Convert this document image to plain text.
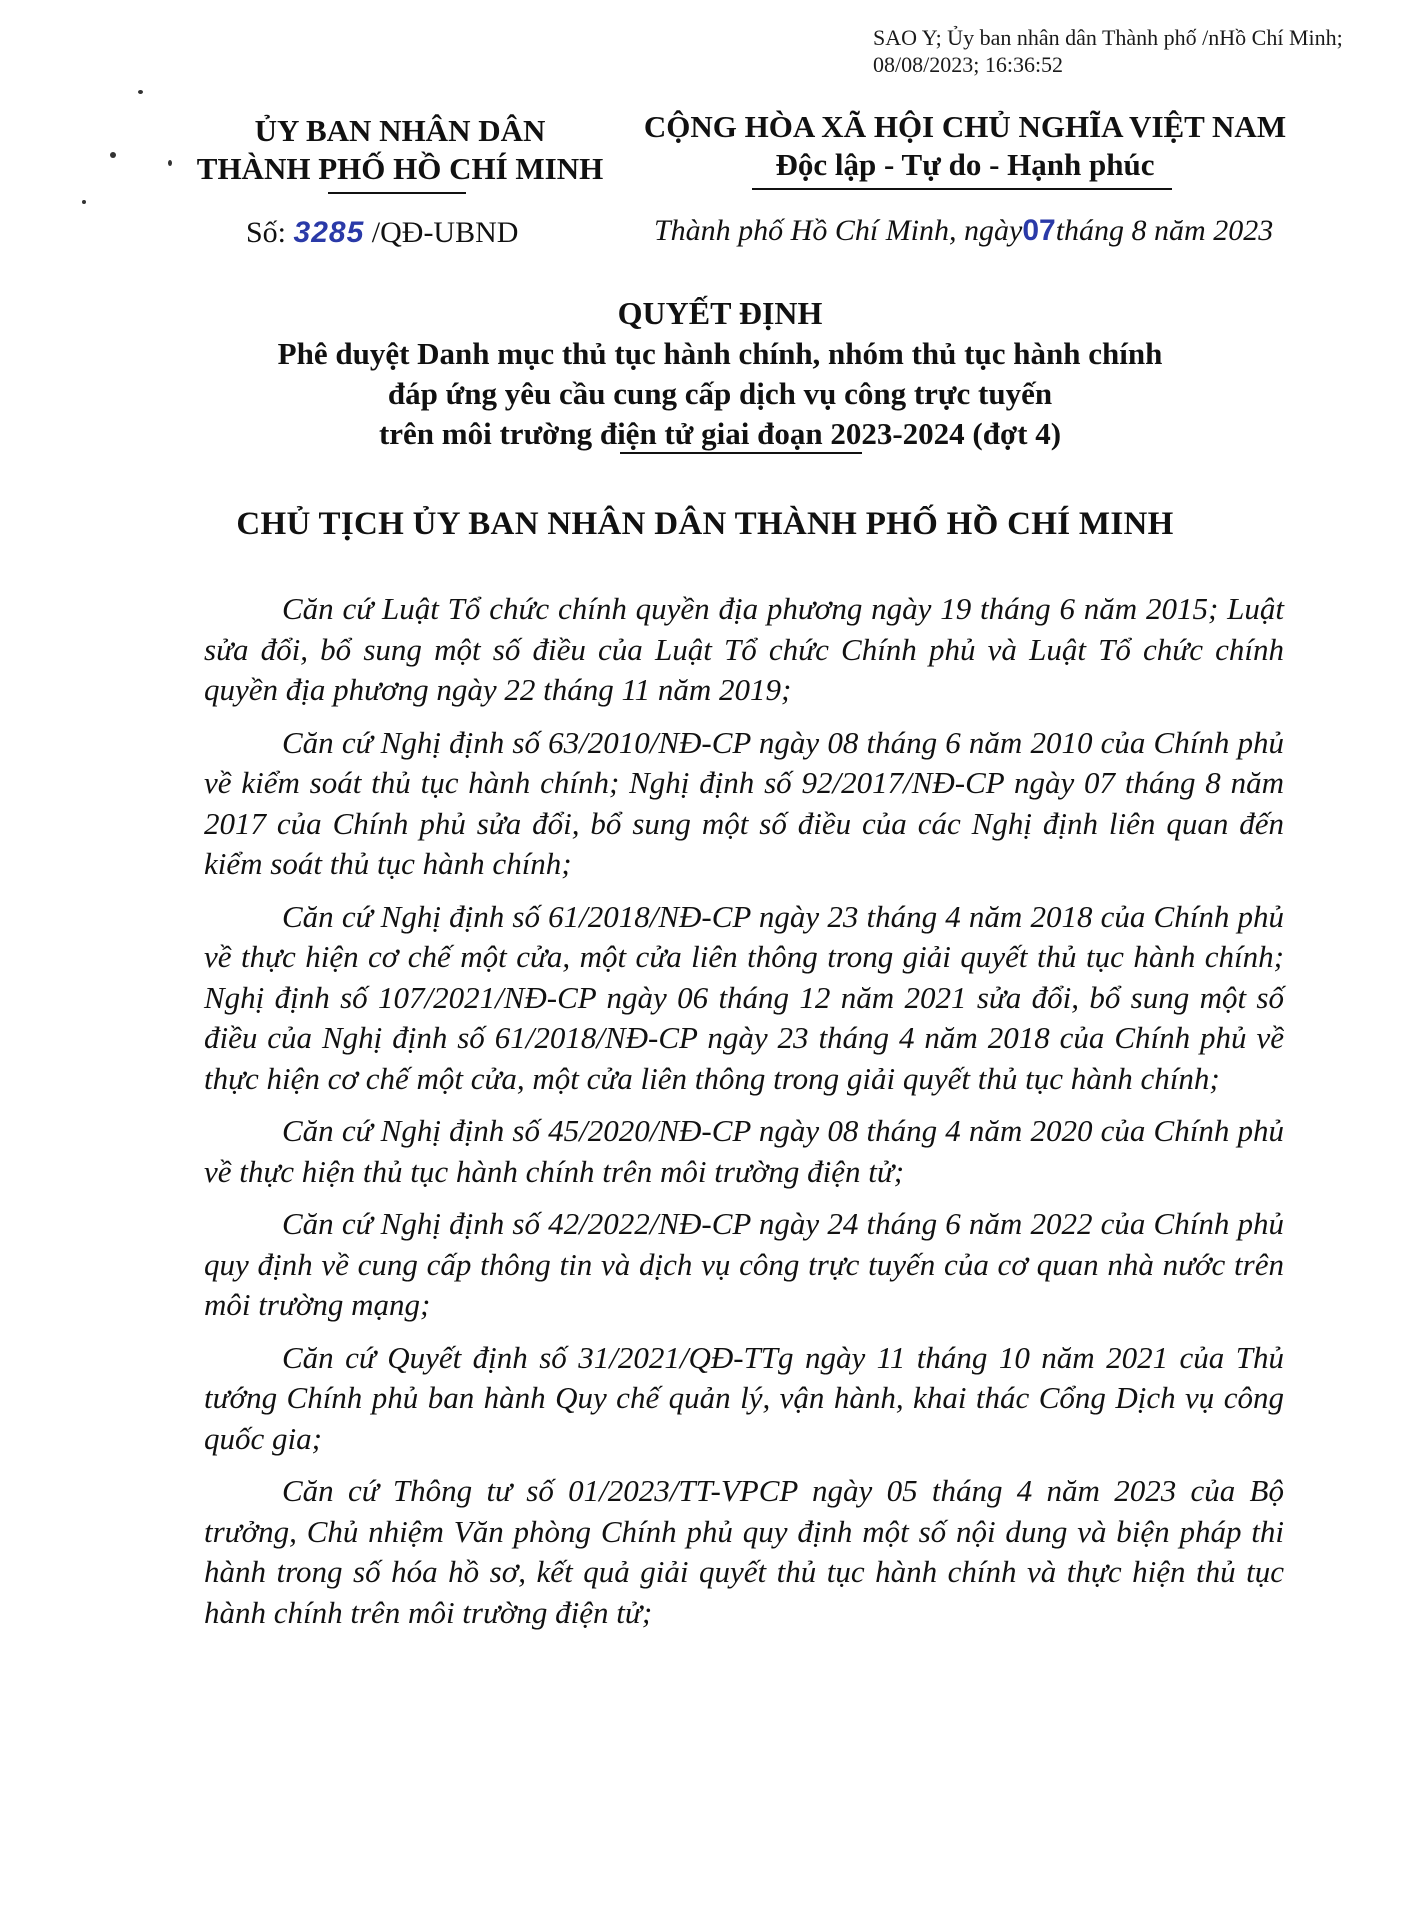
SAO Y; Ủy ban nhân dân Thành phố /nHồ Chí Minh;
08/08/2023; 16:36:52
ỦY BAN NHÂN DÂN
THÀNH PHỐ HỒ CHÍ MINH
CỘNG HÒA XÃ HỘI CHỦ NGHĨA VIỆT NAM
Độc lập - Tự do - Hạnh phúc
Số: 3285 /QĐ-UBND	Thành phố Hồ Chí Minh, ngày07tháng 8 năm 2023
QUYẾT ĐỊNH
Phê duyệt Danh mục thủ tục hành chính, nhóm thủ tục hành chính
đáp ứng yêu cầu cung cấp dịch vụ công trực tuyến
trên môi trường điện tử giai đoạn 2023-2024 (đợt 4)
CHỦ TỊCH ỦY BAN NHÂN DÂN THÀNH PHỐ HỒ CHÍ MINH

Căn cứ Luật Tổ chức chính quyền địa phương ngày 19 tháng 6 năm 2015; Luật sửa đổi, bổ sung một số điều của Luật Tổ chức Chính phủ và Luật Tổ chức chính quyền địa phương ngày 22 tháng 11 năm 2019;

Căn cứ Nghị định số 63/2010/NĐ-CP ngày 08 tháng 6 năm 2010 của Chính phủ về kiểm soát thủ tục hành chính; Nghị định số 92/2017/NĐ-CP ngày 07 tháng 8 năm 2017 của Chính phủ sửa đổi, bổ sung một số điều của các Nghị định liên quan đến kiểm soát thủ tục hành chính;

Căn cứ Nghị định số 61/2018/NĐ-CP ngày 23 tháng 4 năm 2018 của Chính phủ về thực hiện cơ chế một cửa, một cửa liên thông trong giải quyết thủ tục hành chính; Nghị định số 107/2021/NĐ-CP ngày 06 tháng 12 năm 2021 sửa đổi, bổ sung một số điều của Nghị định số 61/2018/NĐ-CP ngày 23 tháng 4 năm 2018 của Chính phủ về thực hiện cơ chế một cửa, một cửa liên thông trong giải quyết thủ tục hành chính;

Căn cứ Nghị định số 45/2020/NĐ-CP ngày 08 tháng 4 năm 2020 của Chính phủ về thực hiện thủ tục hành chính trên môi trường điện tử;

Căn cứ Nghị định số 42/2022/NĐ-CP ngày 24 tháng 6 năm 2022 của Chính phủ quy định về cung cấp thông tin và dịch vụ công trực tuyến của cơ quan nhà nước trên môi trường mạng;

Căn cứ Quyết định số 31/2021/QĐ-TTg ngày 11 tháng 10 năm 2021 của Thủ tướng Chính phủ ban hành Quy chế quản lý, vận hành, khai thác Cổng Dịch vụ công quốc gia;

Căn cứ Thông tư số 01/2023/TT-VPCP ngày 05 tháng 4 năm 2023 của Bộ trưởng, Chủ nhiệm Văn phòng Chính phủ quy định một số nội dung và biện pháp thi hành trong số hóa hồ sơ, kết quả giải quyết thủ tục hành chính và thực hiện thủ tục hành chính trên môi trường điện tử;
